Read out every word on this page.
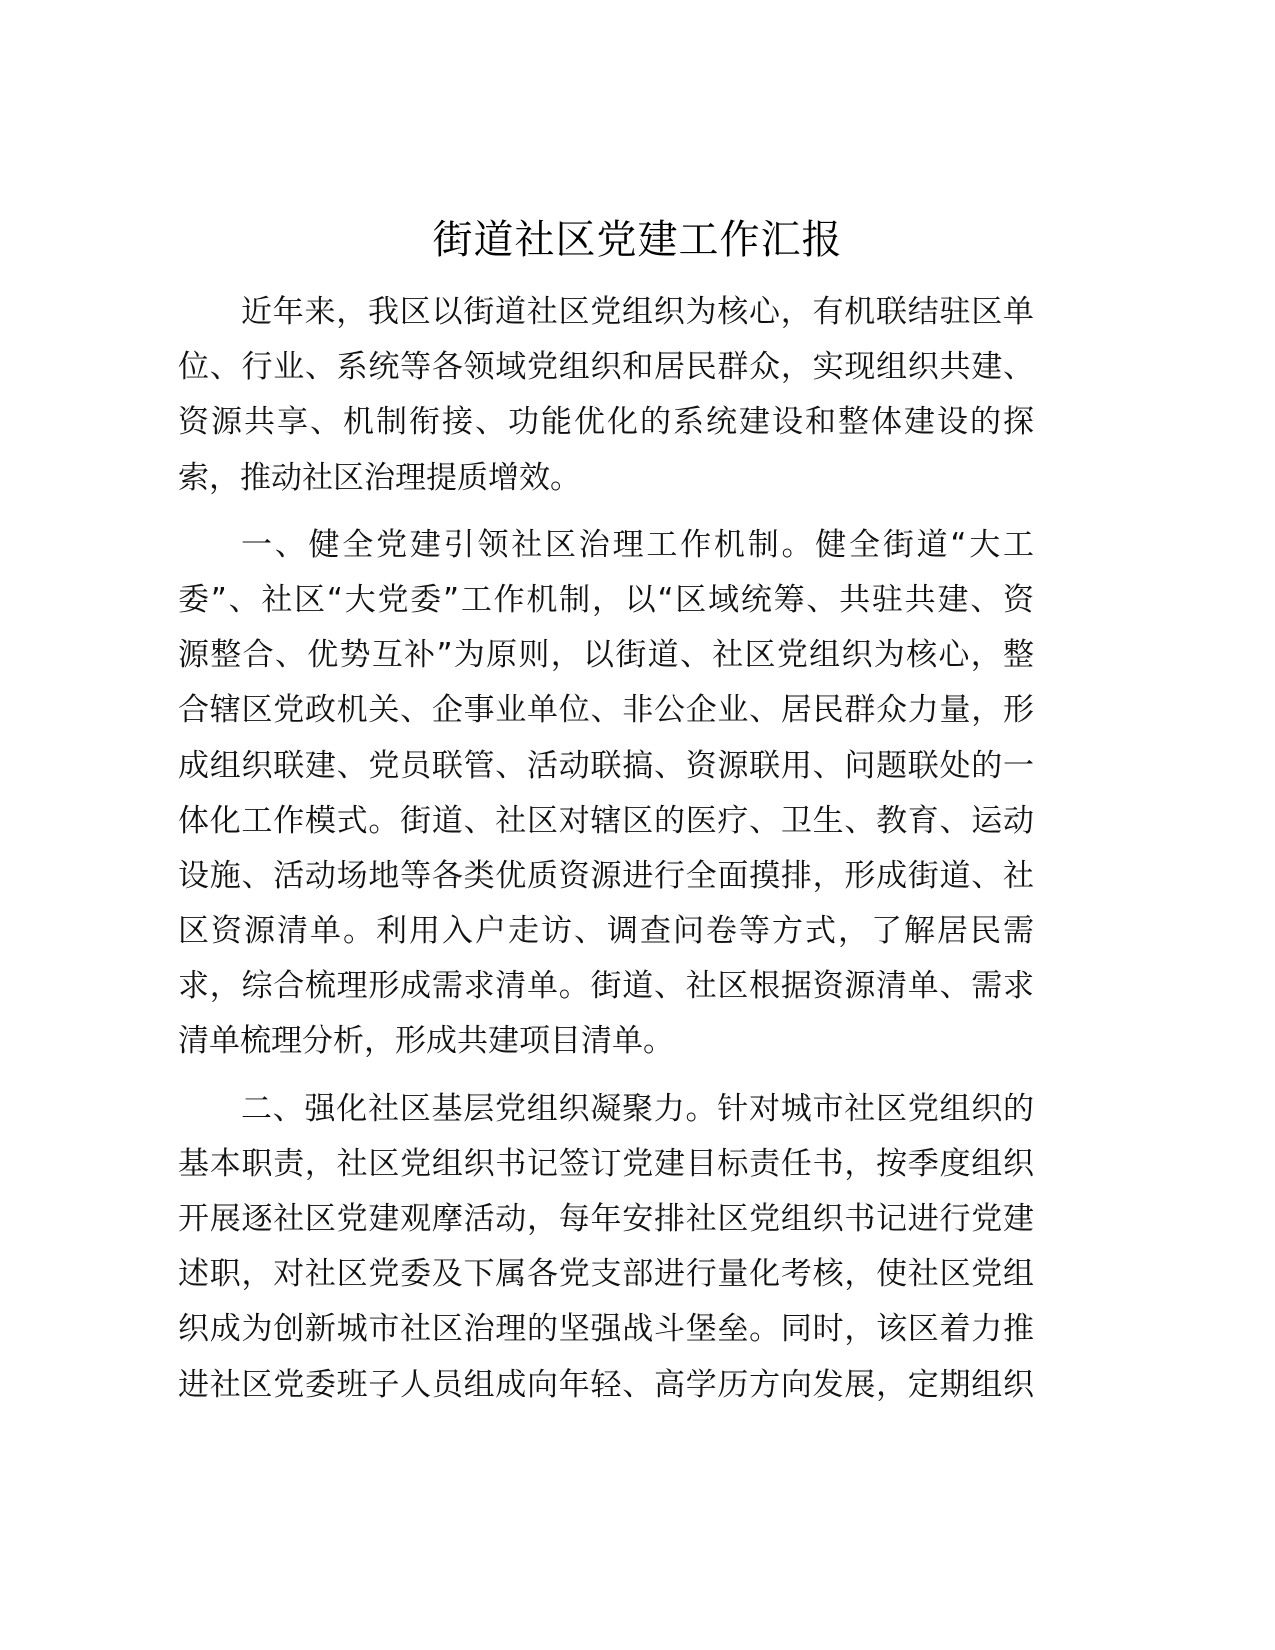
街道社区党建工作汇报
近年来，我区以街道社区党组织为核心，有机联结驻区单
位、行业、系统等各领域党组织和居民群众，实现组织共建、
资源共享、机制衔接、功能优化的系统建设和整体建设的探
索，推动社区治理提质增效。
一、健全党建引领社区治理工作机制。健全街道“大工
委”、社区“大党委”工作机制，以“区域统筹、共驻共建、资
源整合、优势互补”为原则，以街道、社区党组织为核心，整
合辖区党政机关、企事业单位、非公企业、居民群众力量，形
成组织联建、党员联管、活动联搞、资源联用、问题联处的一
体化工作模式。街道、社区对辖区的医疗、卫生、教育、运动
设施、活动场地等各类优质资源进行全面摸排，形成街道、社
区资源清单。利用入户走访、调查问卷等方式，了解居民需
求，综合梳理形成需求清单。街道、社区根据资源清单、需求
清单梳理分析，形成共建项目清单。
二、强化社区基层党组织凝聚力。针对城市社区党组织的
基本职责，社区党组织书记签订党建目标责任书，按季度组织
开展逐社区党建观摩活动，每年安排社区党组织书记进行党建
述职，对社区党委及下属各党支部进行量化考核，使社区党组
织成为创新城市社区治理的坚强战斗堡垒。同时，该区着力推
进社区党委班子人员组成向年轻、高学历方向发展，定期组织
